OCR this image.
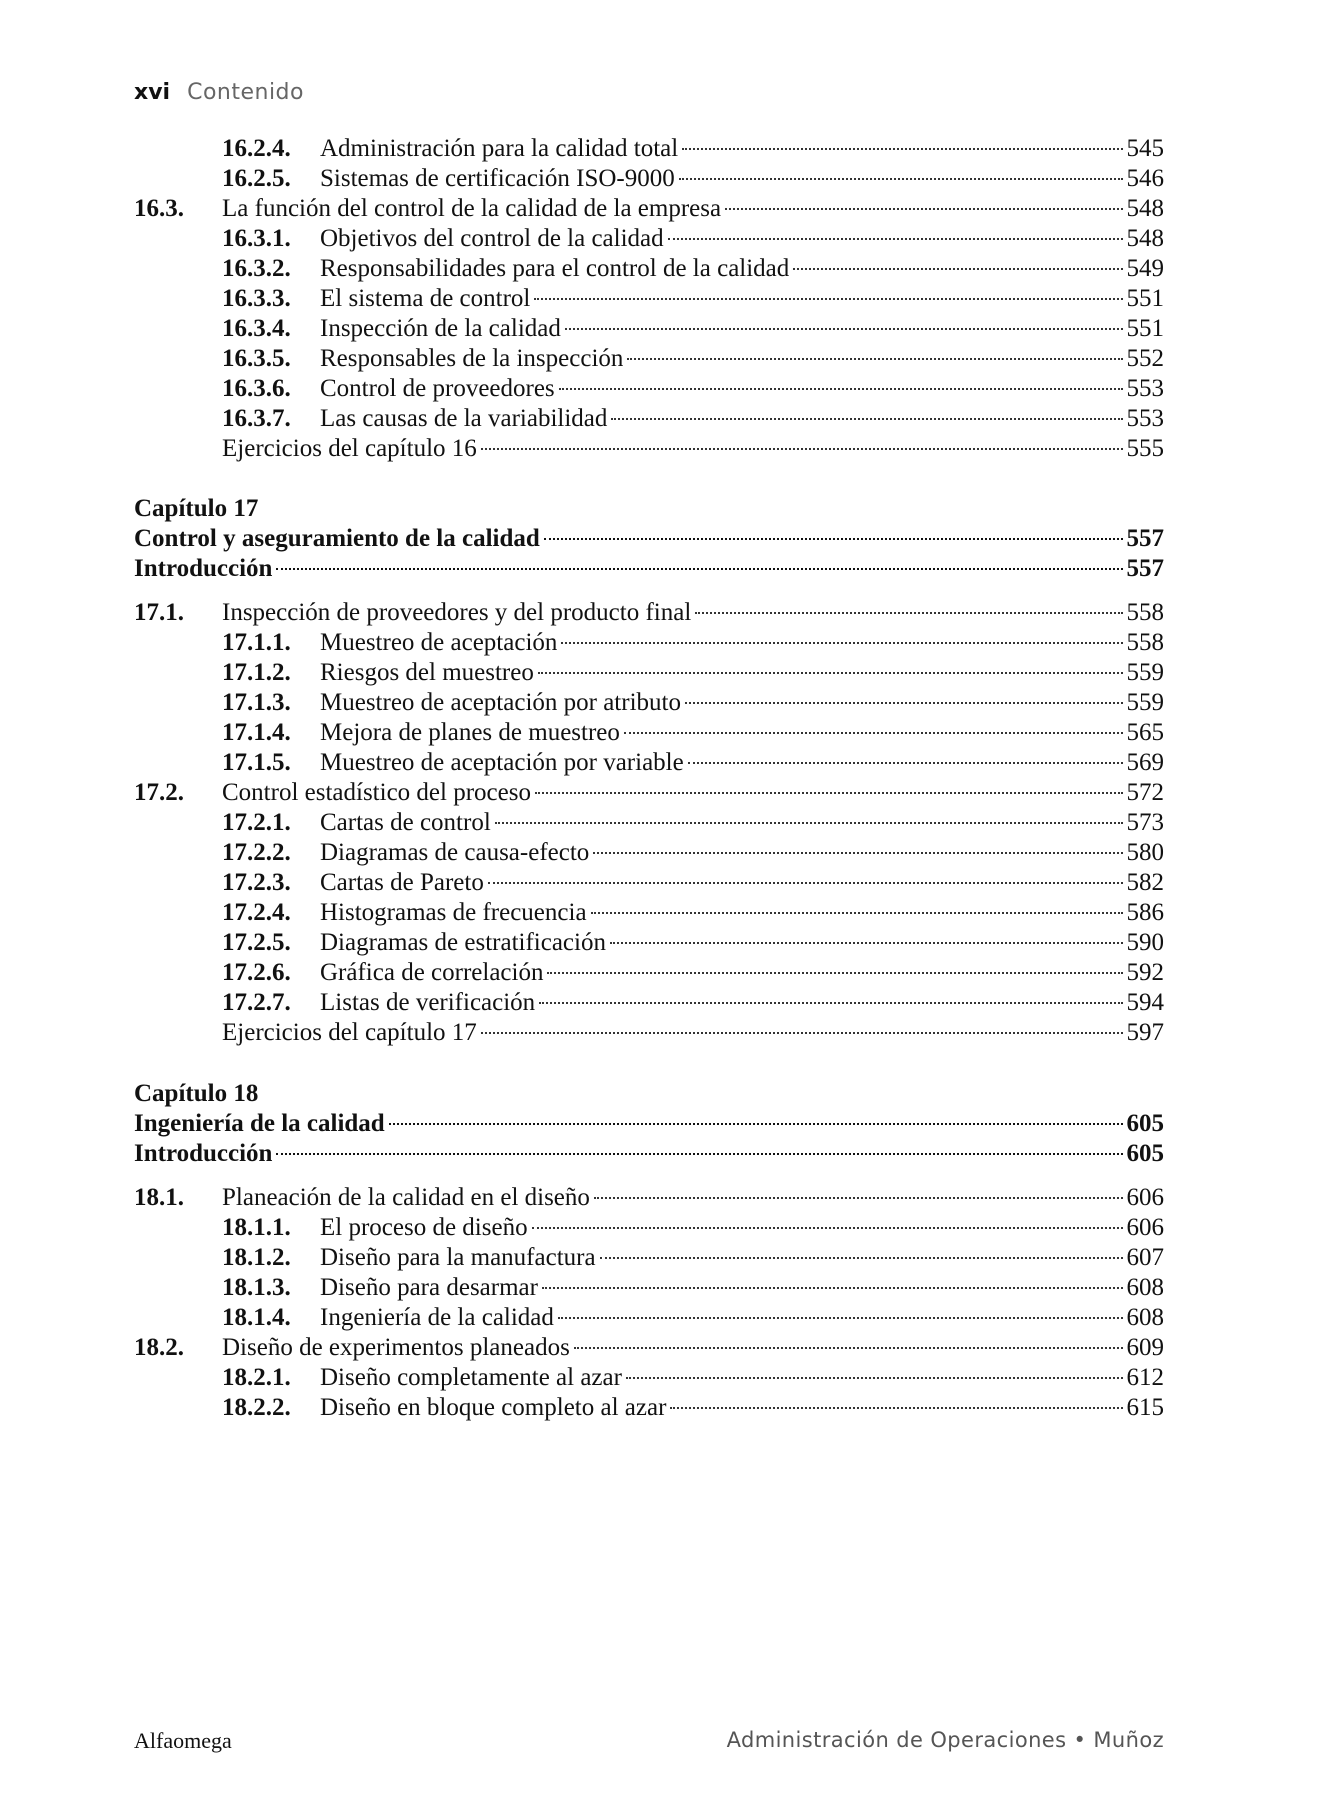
xvi Contenido
16.2.4. Administración para la calidad total	545
16.2.5. Sistemas de certificación ISO-9000	546
16.3. La función del control de la calidad de la empresa	548
16.3.1. Objetivos del control de la calidad	548
16.3.2. Responsabilidades para el control de la calidad	549
16.3.3. El sistema de control	551
16.3.4. Inspección de la calidad	551
16.3.5. Responsables de la inspección	552
16.3.6. Control de proveedores	553
16.3.7. Las causas de la variabilidad	553
Ejercicios del capítulo 16	555
Capítulo 17
Control y aseguramiento de la calidad	557
Introducción	557
17.1. Inspección de proveedores y del producto final	558
17.1.1. Muestreo de aceptación	558
17.1.2. Riesgos del muestreo	559
17.1.3. Muestreo de aceptación por atributo	559
17.1.4. Mejora de planes de muestreo	565
17.1.5. Muestreo de aceptación por variable	569
17.2. Control estadístico del proceso	572
17.2.1. Cartas de control	573
17.2.2. Diagramas de causa-efecto	580
17.2.3. Cartas de Pareto	582
17.2.4. Histogramas de frecuencia	586
17.2.5. Diagramas de estratificación	590
17.2.6. Gráfica de correlación	592
17.2.7. Listas de verificación	594
Ejercicios del capítulo 17	597
Capítulo 18
Ingeniería de la calidad	605
Introducción	605
18.1. Planeación de la calidad en el diseño	606
18.1.1. El proceso de diseño	606
18.1.2. Diseño para la manufactura	607
18.1.3. Diseño para desarmar	608
18.1.4. Ingeniería de la calidad	608
18.2. Diseño de experimentos planeados	609
18.2.1. Diseño completamente al azar	612
18.2.2. Diseño en bloque completo al azar	615
Alfaomega	Administración de Operaciones • Muñoz
